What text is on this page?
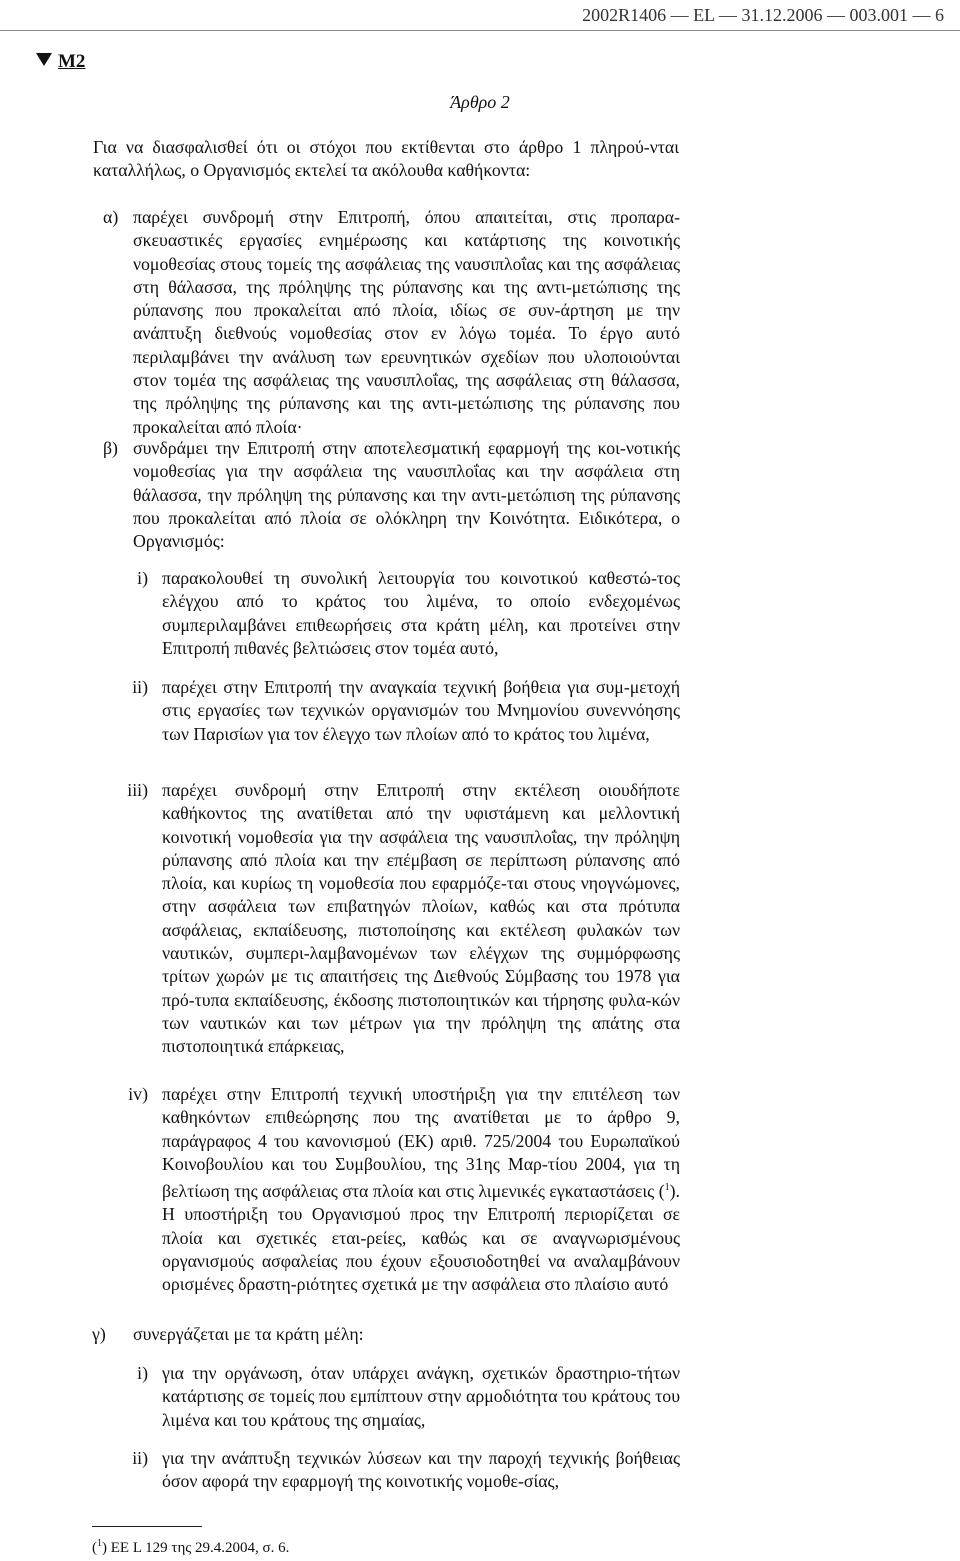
2002R1406 — EL — 31.12.2006 — 003.001 — 6
M2
Άρθρο 2
Για να διασφαλισθεί ότι οι στόχοι που εκτίθενται στο άρθρο 1 πληρού-νται καταλλήλως, ο Οργανισμός εκτελεί τα ακόλουθα καθήκοντα:
α) παρέχει συνδρομή στην Επιτροπή, όπου απαιτείται, στις προπαρα-σκευαστικές εργασίες ενημέρωσης και κατάρτισης της κοινοτικής νομοθεσίας στους τομείς της ασφάλειας της ναυσιπλοΐας και της ασφάλειας στη θάλασσα, της πρόληψης της ρύπανσης και της αντι-μετώπισης της ρύπανσης που προκαλείται από πλοία, ιδίως σε συν-άρτηση με την ανάπτυξη διεθνούς νομοθεσίας στον εν λόγω τομέα. Το έργο αυτό περιλαμβάνει την ανάλυση των ερευνητικών σχεδίων που υλοποιούνται στον τομέα της ασφάλειας της ναυσιπλοΐας, της ασφάλειας στη θάλασσα, της πρόληψης της ρύπανσης και της αντι-μετώπισης της ρύπανσης που προκαλείται από πλοία·
β) συνδράμει την Επιτροπή στην αποτελεσματική εφαρμογή της κοι-νοτικής νομοθεσίας για την ασφάλεια της ναυσιπλοΐας και την ασφάλεια στη θάλασσα, την πρόληψη της ρύπανσης και την αντι-μετώπιση της ρύπανσης που προκαλείται από πλοία σε ολόκληρη την Κοινότητα. Ειδικότερα, ο Οργανισμός:
i) παρακολουθεί τη συνολική λειτουργία του κοινοτικού καθεστώ-τος ελέγχου από το κράτος του λιμένα, το οποίο ενδεχομένως συμπεριλαμβάνει επιθεωρήσεις στα κράτη μέλη, και προτείνει στην Επιτροπή πιθανές βελτιώσεις στον τομέα αυτό,
ii) παρέχει στην Επιτροπή την αναγκαία τεχνική βοήθεια για συμ-μετοχή στις εργασίες των τεχνικών οργανισμών του Μνημονίου συνεννόησης των Παρισίων για τον έλεγχο των πλοίων από το κράτος του λιμένα,
iii) παρέχει συνδρομή στην Επιτροπή στην εκτέλεση οιουδήποτε καθήκοντος της ανατίθεται από την υφιστάμενη και μελλοντική κοινοτική νομοθεσία για την ασφάλεια της ναυσιπλοΐας, την πρόληψη ρύπανσης από πλοία και την επέμβαση σε περίπτωση ρύπανσης από πλοία, και κυρίως τη νομοθεσία που εφαρμόζε-ται στους νηογνώμονες, στην ασφάλεια των επιβατηγών πλοίων, καθώς και στα πρότυπα ασφάλειας, εκπαίδευσης, πιστοποίησης και εκτέλεση φυλακών των ναυτικών, συμπερι-λαμβανομένων των ελέγχων της συμμόρφωσης τρίτων χωρών με τις απαιτήσεις της Διεθνούς Σύμβασης του 1978 για πρό-τυπα εκπαίδευσης, έκδοσης πιστοποιητικών και τήρησης φυλα-κών των ναυτικών και των μέτρων για την πρόληψη της απάτης στα πιστοποιητικά επάρκειας,
iv) παρέχει στην Επιτροπή τεχνική υποστήριξη για την επιτέλεση των καθηκόντων επιθεώρησης που της ανατίθεται με το άρθρο 9, παράγραφος 4 του κανονισμού (ΕΚ) αριθ. 725/2004 του Ευρωπαϊκού Κοινοβουλίου και του Συμβουλίου, της 31ης Μαρ-τίου 2004, για τη βελτίωση της ασφάλειας στα πλοία και στις λιμενικές εγκαταστάσεις ($^1$). Η υποστήριξη του Οργανισμού προς την Επιτροπή περιορίζεται σε πλοία και σχετικές εται-ρείες, καθώς και σε αναγνωρισμένους οργανισμούς ασφαλείας που έχουν εξουσιοδοτηθεί να αναλαμβάνουν ορισμένες δραστη-ριότητες σχετικά με την ασφάλεια στο πλαίσιο αυτό
γ) συνεργάζεται με τα κράτη μέλη:
i) για την οργάνωση, όταν υπάρχει ανάγκη, σχετικών δραστηριο-τήτων κατάρτισης σε τομείς που εμπίπτουν στην αρμοδιότητα του κράτους του λιμένα και του κράτους της σημαίας,
ii) για την ανάπτυξη τεχνικών λύσεων και την παροχή τεχνικής βοήθειας όσον αφορά την εφαρμογή της κοινοτικής νομοθε-σίας,
($^1$) ΕΕ L 129 της 29.4.2004, σ. 6.
